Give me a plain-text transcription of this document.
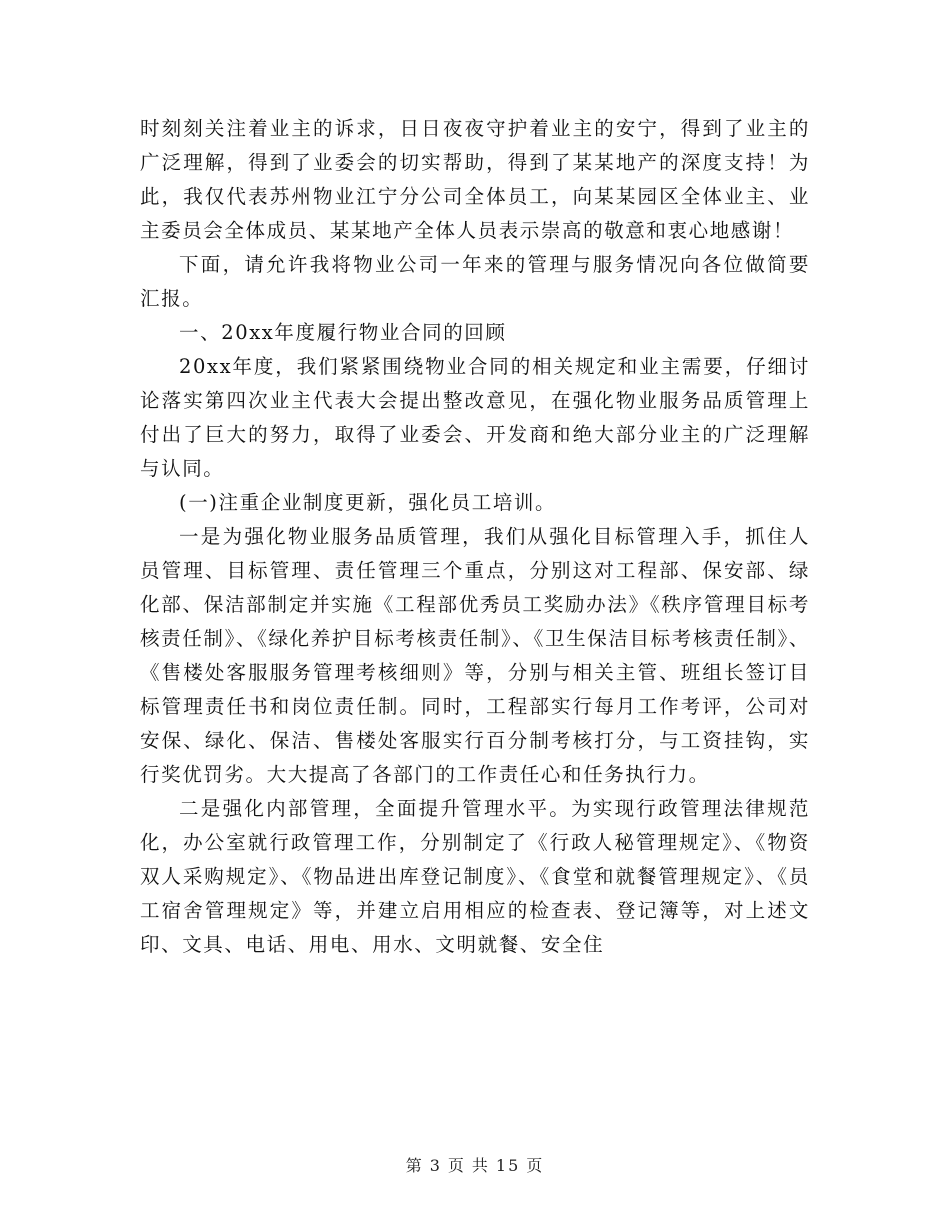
时刻刻关注着业主的诉求，日日夜夜守护着业主的安宁，得到了业主的广泛理解，得到了业委会的切实帮助，得到了某某地产的深度支持！为此，我仅代表苏州物业江宁分公司全体员工，向某某园区全体业主、业主委员会全体成员、某某地产全体人员表示崇高的敬意和衷心地感谢！

下面，请允许我将物业公司一年来的管理与服务情况向各位做简要汇报。

一、20xx年度履行物业合同的回顾

20xx年度，我们紧紧围绕物业合同的相关规定和业主需要，仔细讨论落实第四次业主代表大会提出整改意见，在强化物业服务品质管理上付出了巨大的努力，取得了业委会、开发商和绝大部分业主的广泛理解与认同。

(一)注重企业制度更新，强化员工培训。

一是为强化物业服务品质管理，我们从强化目标管理入手，抓住人员管理、目标管理、责任管理三个重点，分别这对工程部、保安部、绿化部、保洁部制定并实施《工程部优秀员工奖励办法》《秩序管理目标考核责任制》、《绿化养护目标考核责任制》、《卫生保洁目标考核责任制》、《售楼处客服服务管理考核细则》等，分别与相关主管、班组长签订目标管理责任书和岗位责任制。同时，工程部实行每月工作考评，公司对安保、绿化、保洁、售楼处客服实行百分制考核打分，与工资挂钩，实行奖优罚劣。大大提高了各部门的工作责任心和任务执行力。

二是强化内部管理，全面提升管理水平。为实现行政管理法律规范化，办公室就行政管理工作，分别制定了《行政人秘管理规定》、《物资双人采购规定》、《物品进出库登记制度》、《食堂和就餐管理规定》、《员工宿舍管理规定》等，并建立启用相应的检查表、登记簿等，对上述文印、文具、电话、用电、用水、文明就餐、安全住

第 3 页 共 15 页
